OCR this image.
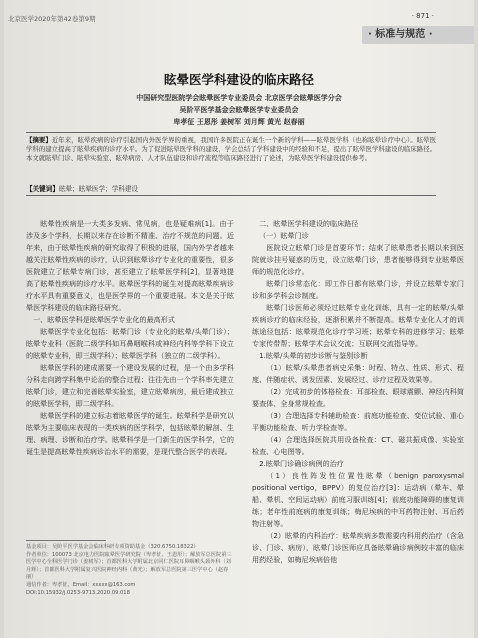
北京医学2020年第42卷第9期	· 871 ·
· 标准与规范 ·
眩晕医学科建设的临床路径
中国研究型医院学会眩晕医学专业委员会 北京医学会眩晕医学分会
吴阶平医学基金会眩晕医学专业委员会
卑孝征 王恩彤 姜树军 刘月辉 黄光 赵春丽
【摘要】近年来，眩晕疾病的诊疗引起国内外医学界的重视，我国许多医院正在诞生一个新的学科——眩晕医学科（也称眩晕诊疗中心）。眩晕医学科的建立提高了眩晕疾病的诊疗水平。为了促进眩晕医学科的建设，学会总结了学科建设中的经验和不足，提出了眩晕医学科建设的临床路径。本文就眩晕门诊、眩晕实验室、眩晕病房、人才队伍建设和诊疗流程等临床路径进行了论述，为眩晕医学科建设提供参考。
【关键词】眩晕；眩晕医学；学科建设

眩晕性疾病是一大类多发病、常见病，也是疑难病[1]。由于涉及多个学科，长期以来存在诊断不精准、治疗不规范的问题。近年来，由于眩晕性疾病的研究取得了积极的进展，国内外学者越来越关注眩晕性疾病的诊疗，认识到眩晕诊疗专业化的重要性，很多医院建立了眩晕专病门诊，甚至建立了眩晕医学科[2]，显著地提高了眩晕性疾病的诊疗水平。眩晕医学科的诞生对提高眩晕疾病诊疗水平具有重要意义，也是医学界的一个重要进展。本文是关于眩晕医学科建设的临床路径研究。

一、眩晕医学科是眩晕医学专业化的最高形式

眩晕医学专业化包括：眩晕门诊（专业化的眩晕/头晕门诊）；眩晕专业科（医院二级学科如耳鼻咽喉科或神经内科等学科下设立的眩晕专业科，即三级学科）；眩晕医学科（独立的二级学科）。

眩晕医学科的建成需要一个建设发展的过程，是一个由多学科分科走向跨学科集中论治的整合过程；往往先由一个学科率先建立眩晕门诊，建立和完善眩晕实验室，建立眩晕病房，最后建成独立的眩晕医学科，即二级学科。

眩晕医学科的建立标志着眩晕医学的诞生。眩晕科学是研究以眩晕为主要临床表现的一类疾病的医学科学，包括眩晕的解剖、生理、病理、诊断和治疗学。眩晕科学是一门新生的医学科学，它的诞生是提高眩晕性疾病诊治水平的需要，是现代整合医学的表现。

二、眩晕医学科建设的临床路径

（一）眩晕门诊

医院设立眩晕门诊是首要环节；结束了眩晕患者长期以来到医院就诊挂号疑惑的历史，设立眩晕门诊，患者能够得到专业眩晕医师的规范化诊疗。

眩晕门诊常态化：即工作日都有眩晕门诊，并设立眩晕专家门诊和多学科会诊制度。

眩晕门诊医师必须经过眩晕专业化训练，具有一定的眩晕/头晕疾病诊疗的临床经验，逐渐积累并不断提高。眩晕专业化人才的训练途径包括：眩晕规范化诊疗学习班；眩晕专科的进修学习；眩晕专家传带帮；眩晕学术会议交流；互联网交流指导等。

1.眩晕/头晕的初步诊断与鉴别诊断

（1）眩晕/头晕患者病史采集：时程、特点、性质、形式、程度、伴随症状、诱发因素、发展经过、诊疗过程及效果等。

（2）完成初步的体格检查：耳部检查、眼球震颤、神经内科简要查体、全身常规检查。

（3）合理选择专科辅助检查：前庭功能检查、变位试验、重心平衡功能检查、听力学检查等。

（4）合理选择医院共用设备检查：CT、磁共振成像、实验室检查、心电图等。

2.眩晕门诊确诊病例的治疗

（1）良性阵发性位置性眩晕（benign paroxysmal positional vertigo，BPPV）的复位治疗[3]：运动病（晕车、晕船、晕机、空间运动病）前庭习服训练[4]；前庭功能障碍的康复训练；老年性前庭病的康复训练；梅尼埃病的中耳药物注射、耳后药物注射等。

（2）眩晕的内科治疗：眩晕疾病多数需要内科用药治疗（含急诊、门诊、病房），眩晕门诊医师应具备眩晕确诊病例较丰富的临床用药经验，如梅尼埃病倍他

基金项目：吴阶平医学基金会临床科研专项资助基金（320.6750.18322）

作者单位：100073 北京电力医院眩晕医学研究院（卑孝征、王恩彤）；解放军总医院第三医学中心全科医学门诊（姜树军）；首都医科大学附属北京同仁医院耳鼻咽喉头颈外科（刘月辉）；首都医科大学附属复兴医院神经内科（黄光）；解放军总医院第三医学中心（赵春丽）

通信作者：卑孝征，Email：xxxxx@163.com

DOI:10.15932/j.0253-9713.2020.09.018
